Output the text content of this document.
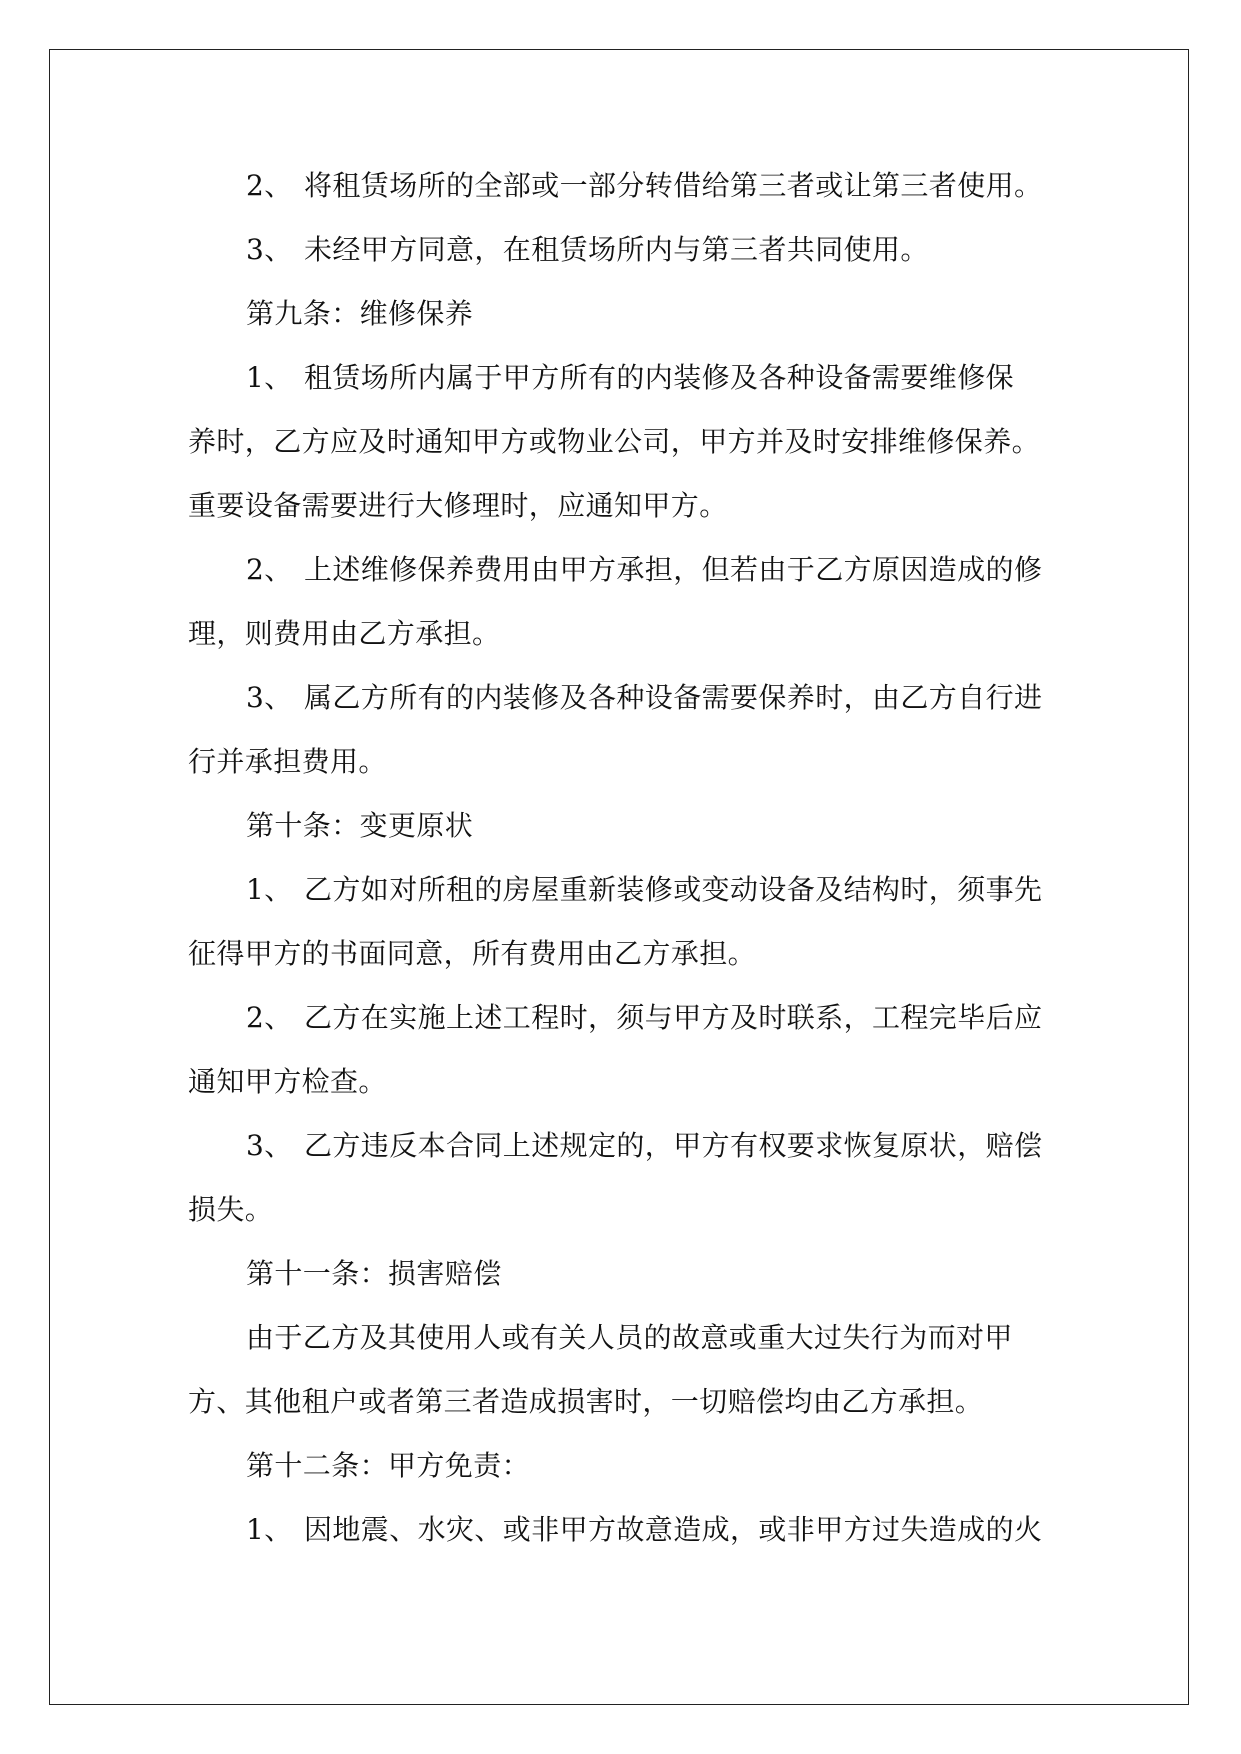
2、 将租赁场所的全部或一部分转借给第三者或让第三者使用。
3、 未经甲方同意，在租赁场所内与第三者共同使用。
第九条：维修保养
1、 租赁场所内属于甲方所有的内装修及各种设备需要维修保
养时，乙方应及时通知甲方或物业公司，甲方并及时安排维修保养。
重要设备需要进行大修理时，应通知甲方。
2、 上述维修保养费用由甲方承担，但若由于乙方原因造成的修
理，则费用由乙方承担。
3、 属乙方所有的内装修及各种设备需要保养时，由乙方自行进
行并承担费用。
第十条：变更原状
1、 乙方如对所租的房屋重新装修或变动设备及结构时，须事先
征得甲方的书面同意，所有费用由乙方承担。
2、 乙方在实施上述工程时，须与甲方及时联系，工程完毕后应
通知甲方检查。
3、 乙方违反本合同上述规定的，甲方有权要求恢复原状，赔偿
损失。
第十一条：损害赔偿
由于乙方及其使用人或有关人员的故意或重大过失行为而对甲
方、其他租户或者第三者造成损害时，一切赔偿均由乙方承担。
第十二条：甲方免责：
1、 因地震、水灾、或非甲方故意造成，或非甲方过失造成的火
